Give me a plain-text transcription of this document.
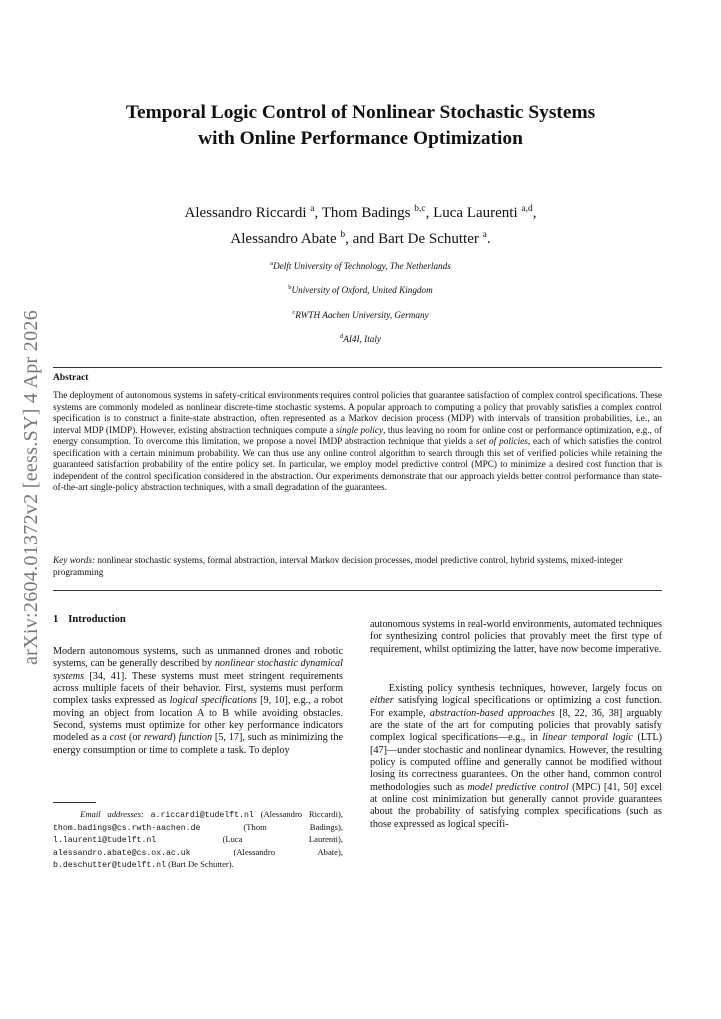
arXiv:2604.01372v2 [eess.SY] 4 Apr 2026
Temporal Logic Control of Nonlinear Stochastic Systems
with Online Performance Optimization
Alessandro Riccardi $^a$, Thom Badings $^{b,c}$, Luca Laurenti $^{a,d}$,
Alessandro Abate $^b$, and Bart De Schutter $^a$.
$^a$Delft University of Technology, The Netherlands
$^b$University of Oxford, United Kingdom
$^c$RWTH Aachen University, Germany
$^d$AI4I, Italy
Abstract
The deployment of autonomous systems in safety-critical environments requires control policies that guarantee satisfaction of complex control specifications. These systems are commonly modeled as nonlinear discrete-time stochastic systems. A popular approach to computing a policy that provably satisfies a complex control specification is to construct a finite-state abstraction, often represented as a Markov decision process (MDP) with intervals of transition probabilities, i.e., an interval MDP (IMDP). However, existing abstraction techniques compute a single policy, thus leaving no room for online cost or performance optimization, e.g., of energy consumption. To overcome this limitation, we propose a novel IMDP abstraction technique that yields a set of policies, each of which satisfies the control specification with a certain minimum probability. We can thus use any online control algorithm to search through this set of verified policies while retaining the guaranteed satisfaction probability of the entire policy set. In particular, we employ model predictive control (MPC) to minimize a desired cost function that is independent of the control specification considered in the abstraction. Our experiments demonstrate that our approach yields better control performance than state-of-the-art single-policy abstraction techniques, with a small degradation of the guarantees.
Key words: nonlinear stochastic systems, formal abstraction, interval Markov decision processes, model predictive control, hybrid systems, mixed-integer programming
1 Introduction
Modern autonomous systems, such as unmanned drones and robotic systems, can be generally described by nonlinear stochastic dynamical systems [34, 41]. These systems must meet stringent requirements across multiple facets of their behavior. First, systems must perform complex tasks expressed as logical specifications [9, 10], e.g., a robot moving an object from location A to B while avoiding obstacles. Second, systems must optimize for other key performance indicators modeled as a cost (or reward) function [5, 17], such as minimizing the energy consumption or time to complete a task. To deploy
Email addresses: a.riccardi@tudelft.nl (Alessandro Riccardi), thom.badings@cs.rwth-aachen.de (Thom Badings), l.laurenti@tudelft.nl (Luca Laurenti), alessandro.abate@cs.ox.ac.uk (Alessandro Abate), b.deschutter@tudelft.nl (Bart De Schutter).
autonomous systems in real-world environments, automated techniques for synthesizing control policies that provably meet the first type of requirement, whilst optimizing the latter, have now become imperative.
Existing policy synthesis techniques, however, largely focus on either satisfying logical specifications or optimizing a cost function. For example, abstraction-based approaches [8, 22, 36, 38] arguably are the state of the art for computing policies that provably satisfy complex logical specifications—e.g., in linear temporal logic (LTL) [47]—under stochastic and nonlinear dynamics. However, the resulting policy is computed offline and generally cannot be modified without losing its correctness guarantees. On the other hand, common control methodologies such as model predictive control (MPC) [41, 50] excel at online cost minimization but generally cannot provide guarantees about the probability of satisfying complex specifications (such as those expressed as logical specifi-
